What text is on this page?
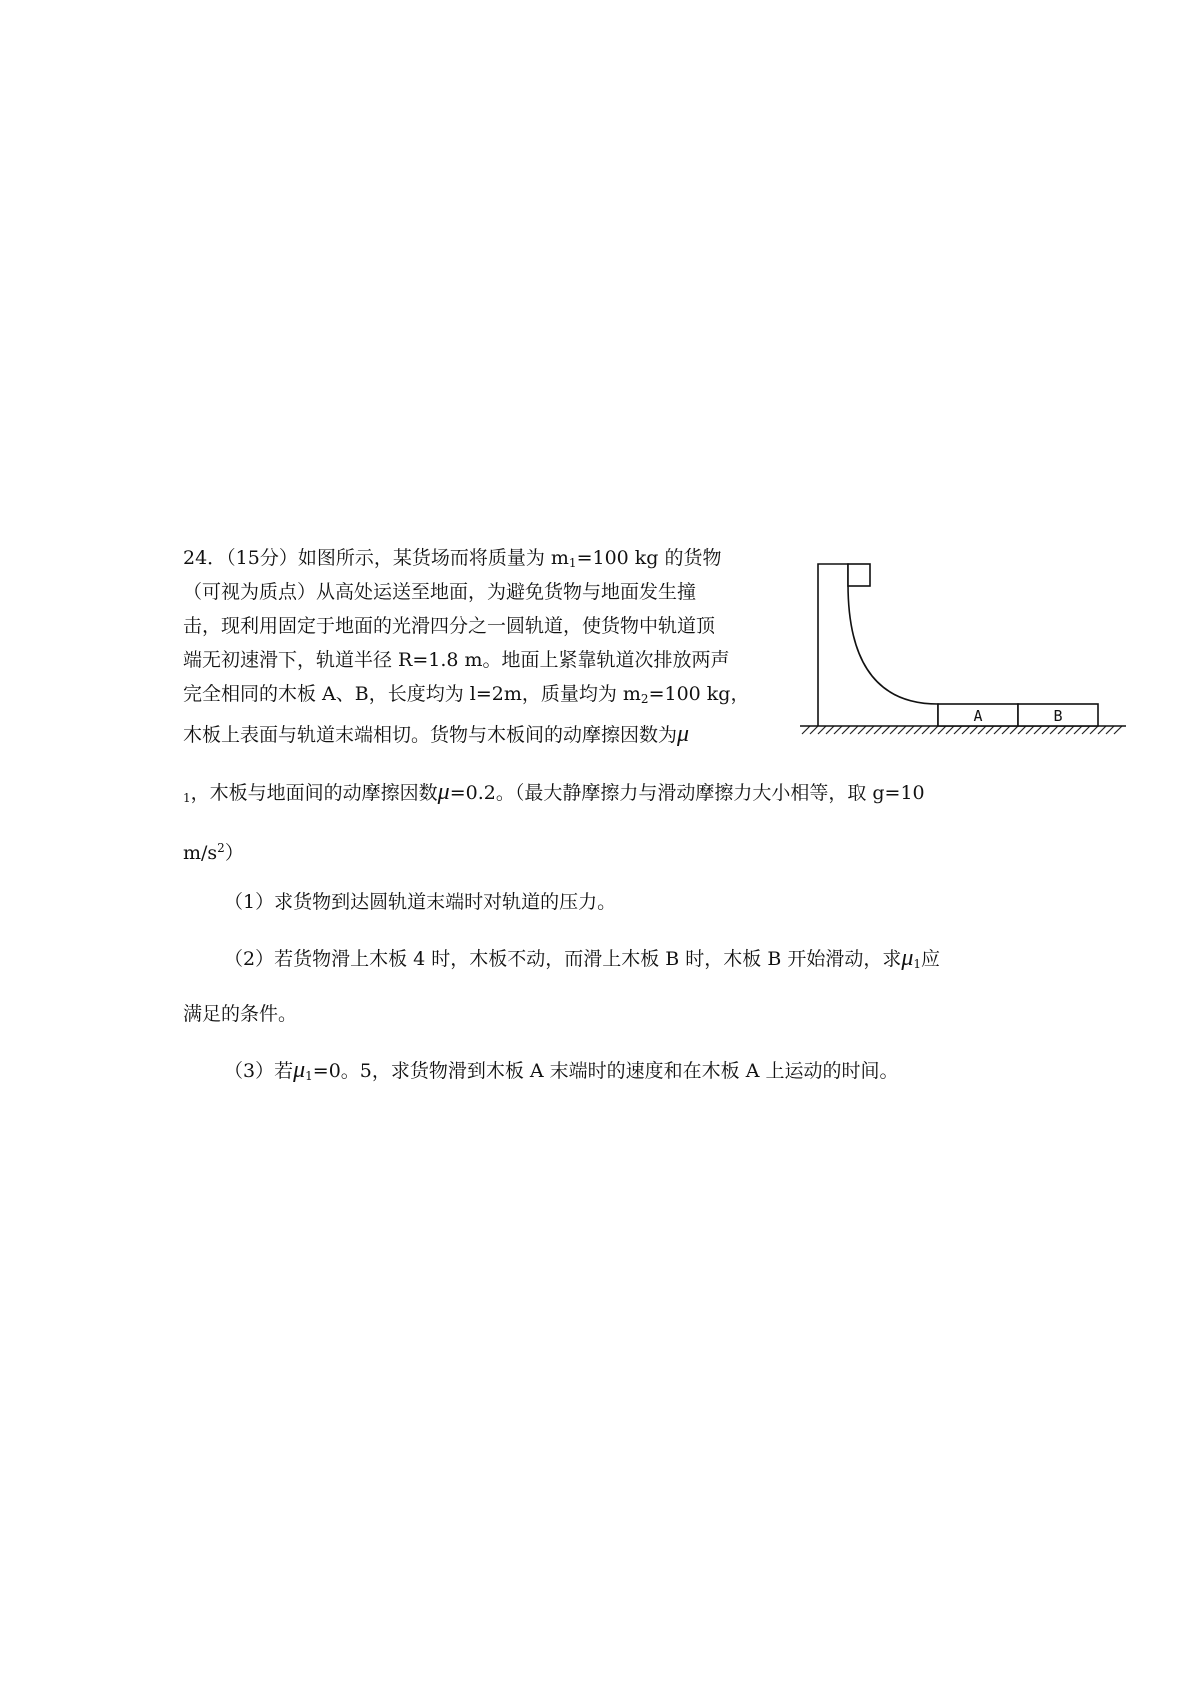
24．（15分）如图所示，某货场而将质量为 $m_1=100$ kg 的货物
（可视为质点）从高处运送至地面，为避免货物与地面发生撞
击，现利用固定于地面的光滑四分之一圆轨道，使货物中轨道顶
端无初速滑下，轨道半径 R=1.8 m。地面上紧靠轨道次排放两声
完全相同的木板 A、B，长度均为 l=2m，质量均为 $m_2=100$ kg，
木板上表面与轨道末端相切。货物与木板间的动摩擦因数为μ
$_1$，木板与地面间的动摩擦因数μ=0.2。（最大静摩擦力与滑动摩擦力大小相等，取 g=10
$m/s^2$）
（1）求货物到达圆轨道末端时对轨道的压力。
（2）若货物滑上木板 4 时，木板不动，而滑上木板 B 时，木板 B 开始滑动，求$\mu_1$应
满足的条件。
（3）若$\mu_1=0$。5，求货物滑到木板 A 末端时的速度和在木板 A 上运动的时间。
A	B
